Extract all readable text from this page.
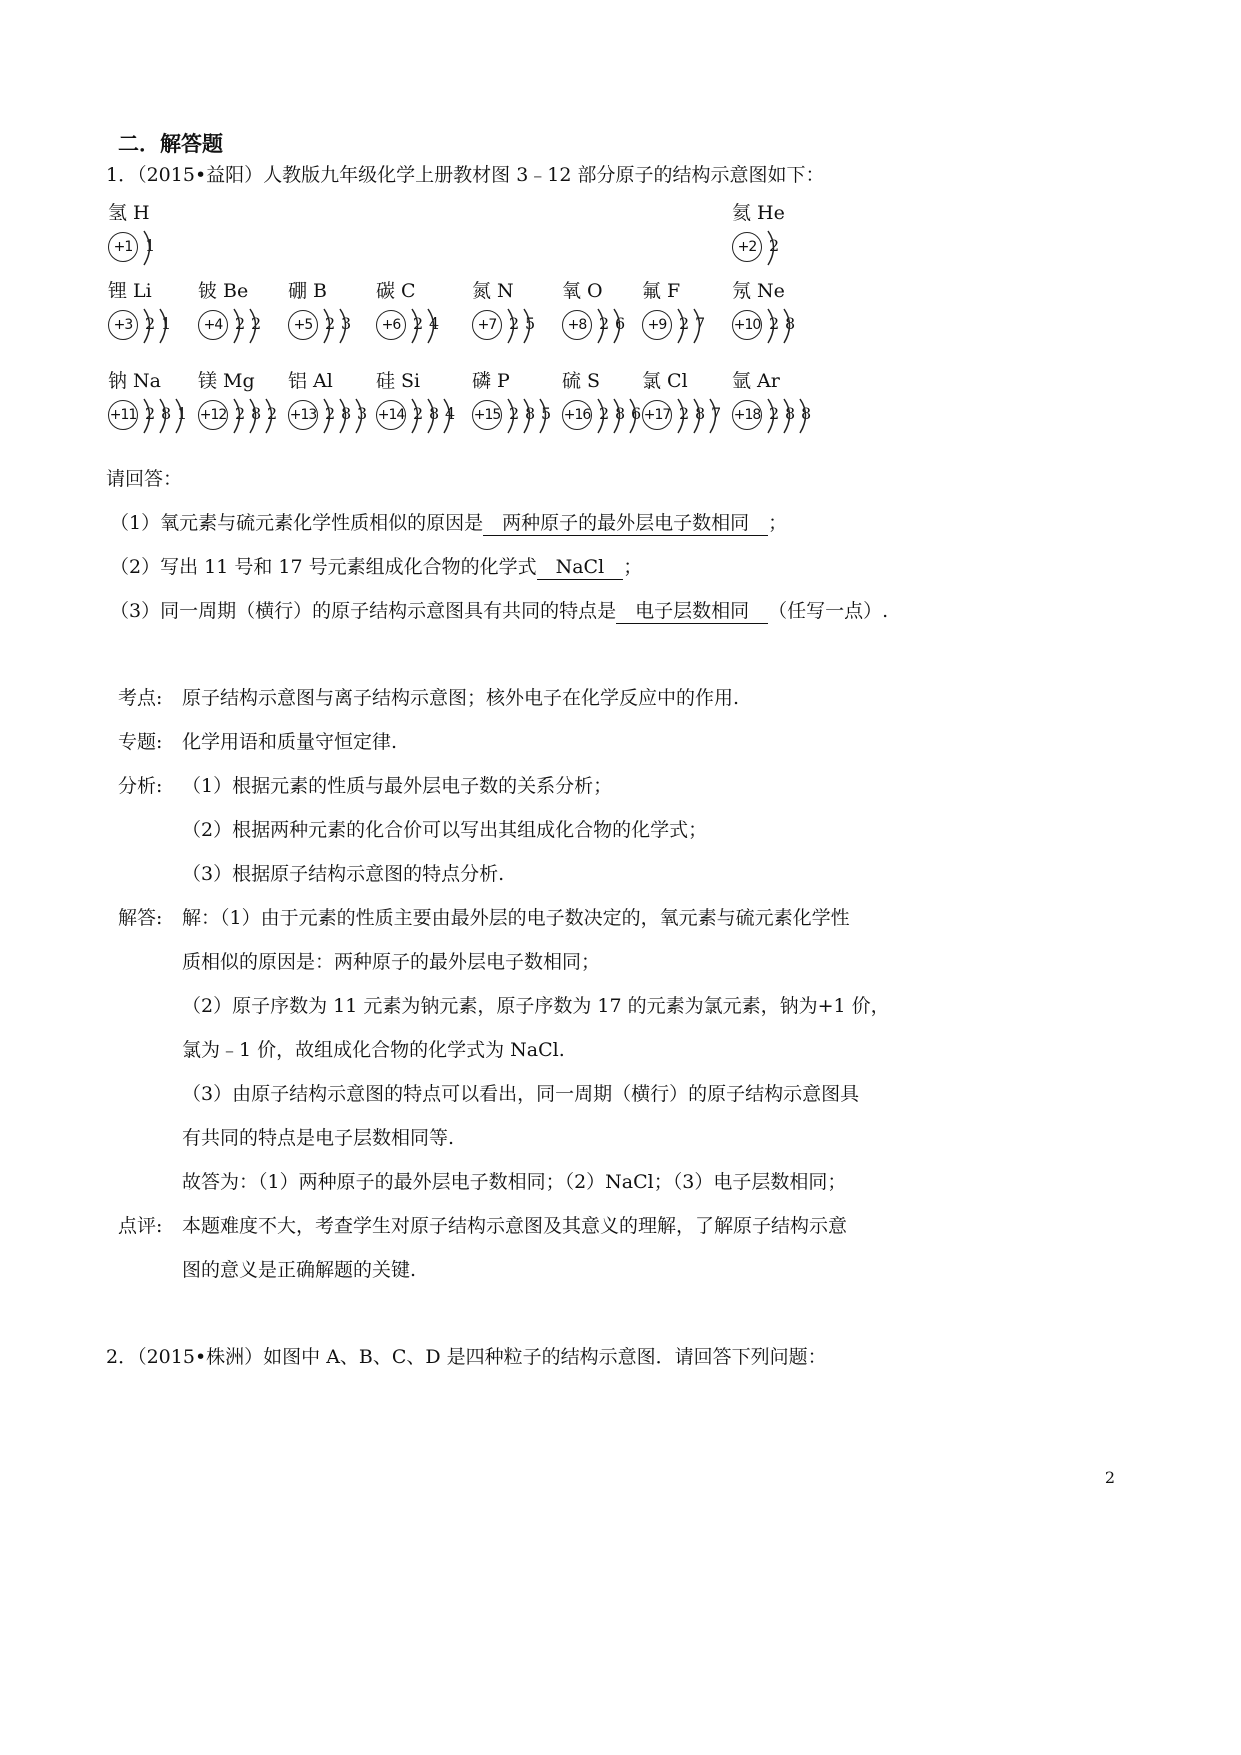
二．解答题
1．（2015•益阳）人教版九年级化学上册教材图 3﹣12 部分原子的结构示意图如下：
氢 H
+1 1
氦 He
+2 2
锂 Li
+3 2 1
铍 Be
+4 2 2
硼 B
+5 2 3
碳 C
+6 2 4
氮 N
+7 2 5
氧 O
+8 2 6
氟 F
+9 2 7
氖 Ne
+10 2 8
钠 Na
+11 2 8 1
镁 Mg
+12 2 8 2
铝 Al
+13 2 8 3
硅 Si
+14 2 8 4
磷 P
+15 2 8 5
硫 S
+16 2 8 6
氯 Cl
+17 2 8 7
氩 Ar
+18 2 8 8
请回答：
（1）氧元素与硫元素化学性质相似的原因是　两种原子的最外层电子数相同　；
（2）写出 11 号和 17 号元素组成化合物的化学式　NaCl　；
（3）同一周期（横行）的原子结构示意图具有共同的特点是　电子层数相同　（任写一点）.
考点: 原子结构示意图与离子结构示意图；核外电子在化学反应中的作用.
专题: 化学用语和质量守恒定律.
分析: （1）根据元素的性质与最外层电子数的关系分析；
（2）根据两种元素的化合价可以写出其组成化合物的化学式；
（3）根据原子结构示意图的特点分析.
解答: 解：（1）由于元素的性质主要由最外层的电子数决定的，氧元素与硫元素化学性
质相似的原因是：两种原子的最外层电子数相同；
（2）原子序数为 11 元素为钠元素，原子序数为 17 的元素为氯元素，钠为+1 价，
氯为﹣1 价，故组成化合物的化学式为 NaCl.
（3）由原子结构示意图的特点可以看出，同一周期（横行）的原子结构示意图具
有共同的特点是电子层数相同等.
故答为：（1）两种原子的最外层电子数相同；（2）NaCl；（3）电子层数相同；
点评: 本题难度不大，考查学生对原子结构示意图及其意义的理解，了解原子结构示意
图的意义是正确解题的关键.
2．（2015•株洲）如图中 A、B、C、D 是四种粒子的结构示意图．请回答下列问题：
2
